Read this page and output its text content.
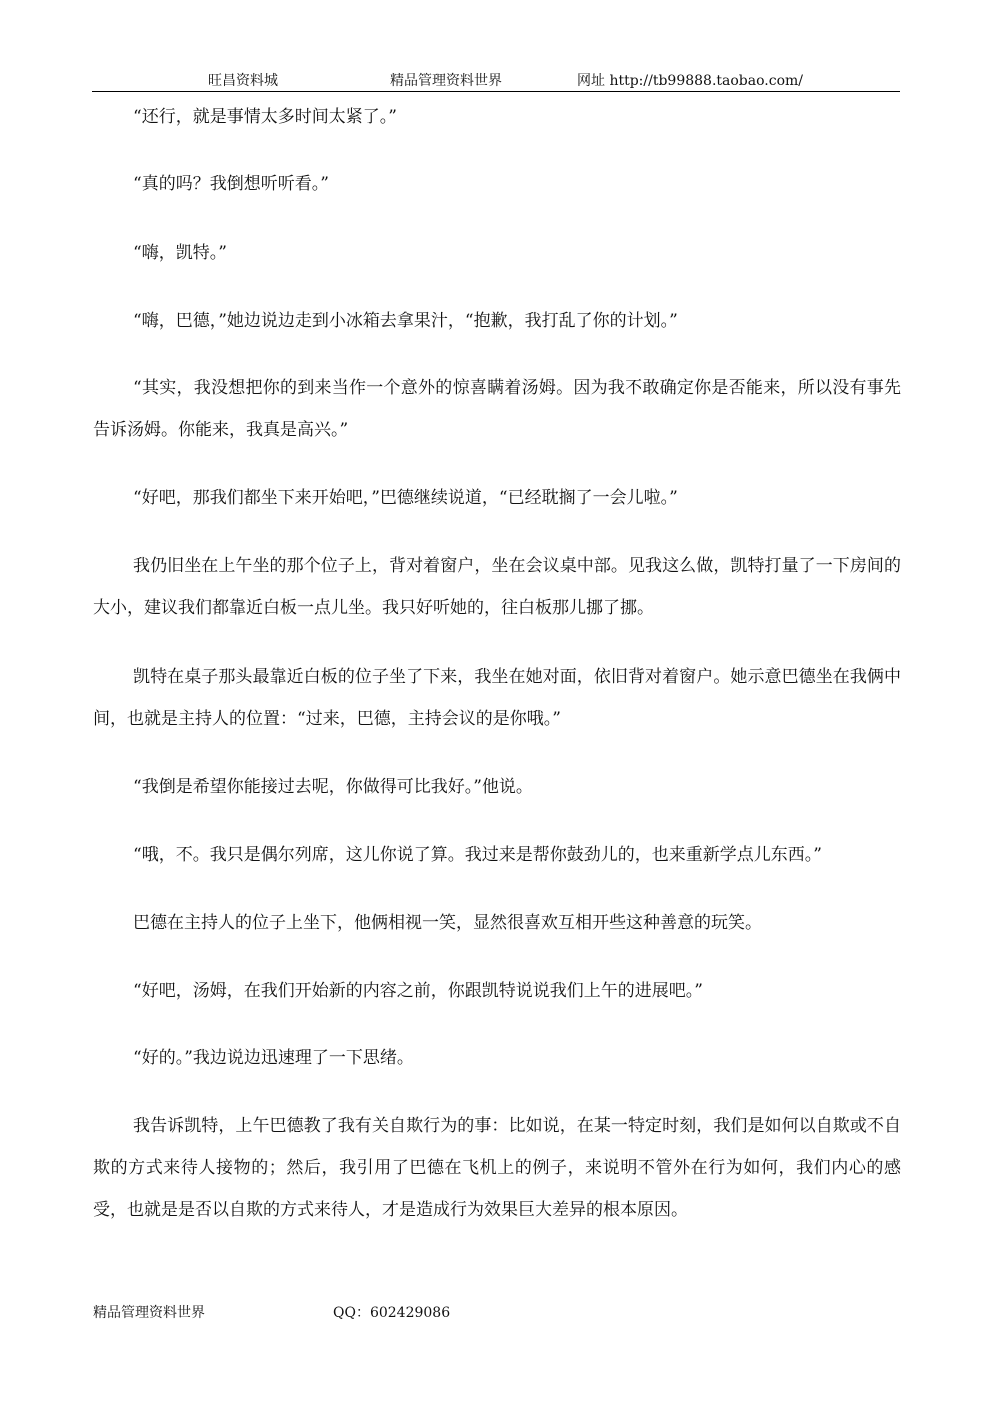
旺昌资料城	精品管理资料世界	网址 http://tb99888.taobao.com/

“还行，就是事情太多时间太紧了。”

“真的吗？我倒想听听看。”

“嗨，凯特。”

“嗨，巴德，”她边说边走到小冰箱去拿果汁，“抱歉，我打乱了你的计划。”

“其实，我没想把你的到来当作一个意外的惊喜瞒着汤姆。因为我不敢确定你是否能来，所以没有事先告诉汤姆。你能来，我真是高兴。”

“好吧，那我们都坐下来开始吧，”巴德继续说道，“已经耽搁了一会儿啦。”

我仍旧坐在上午坐的那个位子上，背对着窗户，坐在会议桌中部。见我这么做，凯特打量了一下房间的大小，建议我们都靠近白板一点儿坐。我只好听她的，往白板那儿挪了挪。

凯特在桌子那头最靠近白板的位子坐了下来，我坐在她对面，依旧背对着窗户。她示意巴德坐在我俩中间，也就是主持人的位置：“过来，巴德，主持会议的是你哦。”

“我倒是希望你能接过去呢，你做得可比我好。”他说。

“哦，不。我只是偶尔列席，这儿你说了算。我过来是帮你鼓劲儿的，也来重新学点儿东西。”

巴德在主持人的位子上坐下，他俩相视一笑，显然很喜欢互相开些这种善意的玩笑。

“好吧，汤姆，在我们开始新的内容之前，你跟凯特说说我们上午的进展吧。”

“好的。”我边说边迅速理了一下思绪。

我告诉凯特，上午巴德教了我有关自欺行为的事：比如说，在某一特定时刻，我们是如何以自欺或不自欺的方式来待人接物的；然后，我引用了巴德在飞机上的例子，来说明不管外在行为如何，我们内心的感受，也就是是否以自欺的方式来待人，才是造成行为效果巨大差异的根本原因。

精品管理资料世界	QQ：602429086
